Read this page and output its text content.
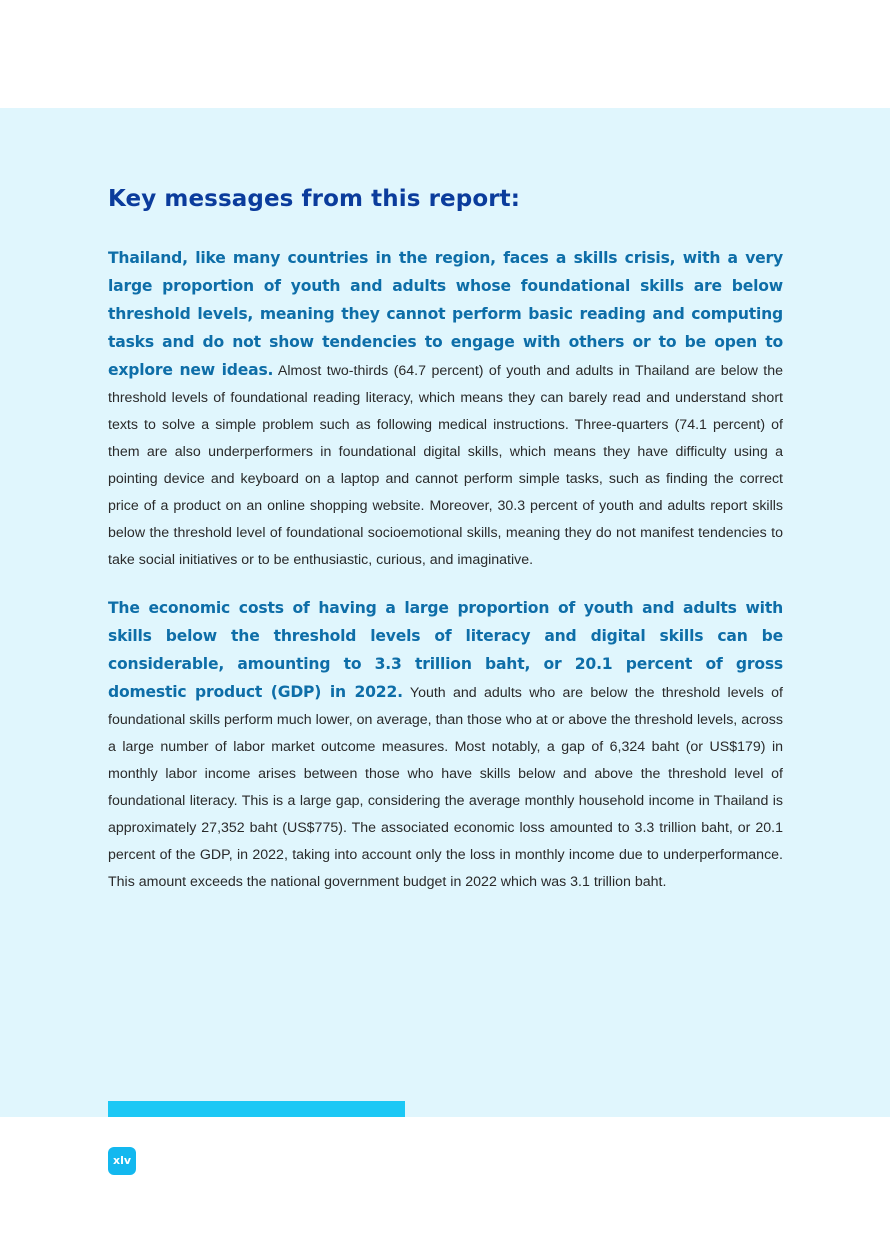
Key messages from this report:

Thailand, like many countries in the region, faces a skills crisis, with a very large proportion of youth and adults whose foundational skills are below threshold levels, meaning they cannot perform basic reading and computing tasks and do not show tendencies to engage with others or to be open to explore new ideas. Almost two-thirds (64.7 percent) of youth and adults in Thailand are below the threshold levels of foundational reading literacy, which means they can barely read and understand short texts to solve a simple problem such as following medical instructions. Three-quarters (74.1 percent) of them are also underperformers in foundational digital skills, which means they have difficulty using a pointing device and keyboard on a laptop and cannot perform simple tasks, such as finding the correct price of a product on an online shopping website. Moreover, 30.3 percent of youth and adults report skills below the threshold level of foundational socioemotional skills, meaning they do not manifest tendencies to take social initiatives or to be enthusiastic, curious, and imaginative.

The economic costs of having a large proportion of youth and adults with skills below the threshold levels of literacy and digital skills can be considerable, amounting to 3.3 trillion baht, or 20.1 percent of gross domestic product (GDP) in 2022. Youth and adults who are below the threshold levels of foundational skills perform much lower, on average, than those who at or above the threshold levels, across a large number of labor market outcome measures. Most notably, a gap of 6,324 baht (or US$179) in monthly labor income arises between those who have skills below and above the threshold level of foundational literacy. This is a large gap, considering the average monthly household income in Thailand is approximately 27,352 baht (US$775). The associated economic loss amounted to 3.3 trillion baht, or 20.1 percent of the GDP, in 2022, taking into account only the loss in monthly income due to underperformance. This amount exceeds the national government budget in 2022 which was 3.1 trillion baht.

xlv
